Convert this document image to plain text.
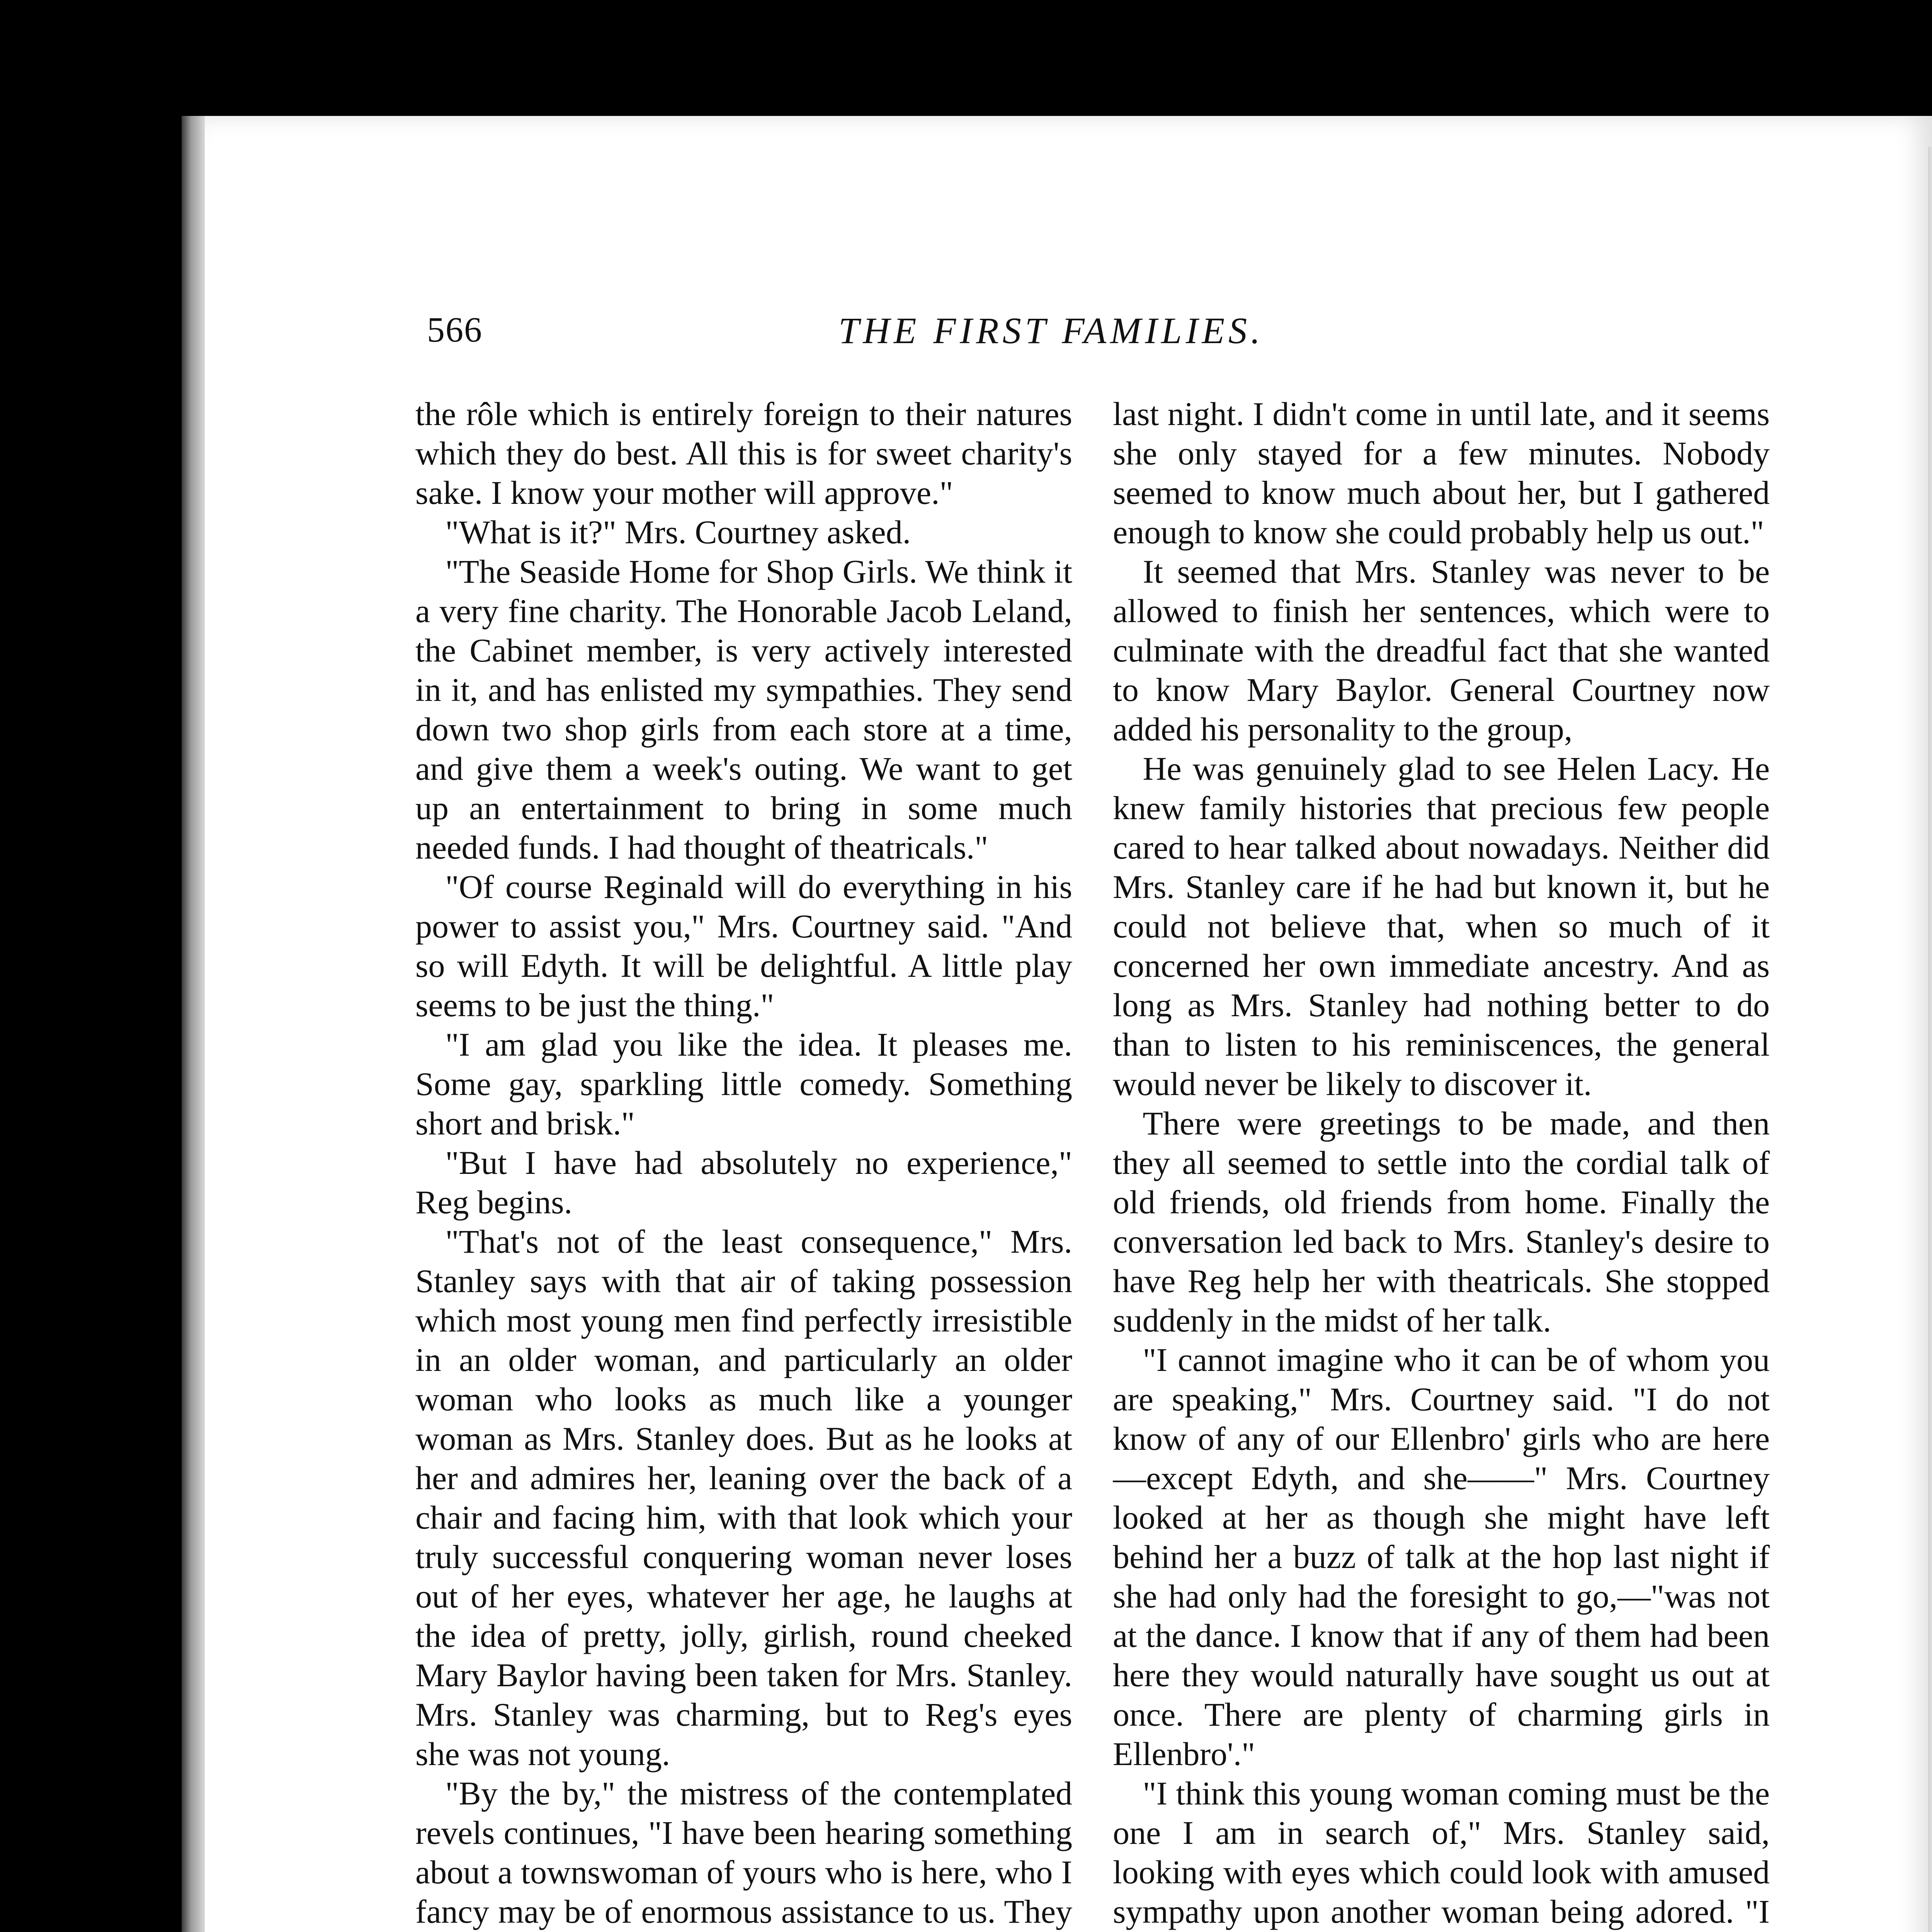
566	THE FIRST FAMILIES.

the rôle which is entirely foreign to their natures which they do best. All this is for sweet charity's sake. I know your mother will approve."

"What is it?" Mrs. Courtney asked.

"The Seaside Home for Shop Girls. We think it a very fine charity. The Honorable Jacob Leland, the Cabinet member, is very actively interested in it, and has enlisted my sympathies. They send down two shop girls from each store at a time, and give them a week's outing. We want to get up an entertainment to bring in some much needed funds. I had thought of theatricals."

"Of course Reginald will do everything in his power to assist you," Mrs. Courtney said. "And so will Edyth. It will be delightful. A little play seems to be just the thing."

"I am glad you like the idea. It pleases me. Some gay, sparkling little comedy. Something short and brisk."

"But I have had absolutely no experience," Reg begins.

"That's not of the least consequence," Mrs. Stanley says with that air of taking possession which most young men find perfectly irresistible in an older woman, and particularly an older woman who looks as much like a younger woman as Mrs. Stanley does. But as he looks at her and admires her, leaning over the back of a chair and facing him, with that look which your truly successful conquering woman never loses out of her eyes, whatever her age, he laughs at the idea of pretty, jolly, girlish, round cheeked Mary Baylor having been taken for Mrs. Stanley. Mrs. Stanley was charming, but to Reg's eyes she was not young.

"By the by," the mistress of the contemplated revels continues, "I have been hearing something about a townswoman of yours who is here, who I fancy may be of enormous assistance to us. They

last night. I didn't come in until late, and it seems she only stayed for a few minutes. Nobody seemed to know much about her, but I gathered enough to know she could probably help us out."

It seemed that Mrs. Stanley was never to be allowed to finish her sentences, which were to culminate with the dreadful fact that she wanted to know Mary Baylor. General Courtney now added his personality to the group,

He was genuinely glad to see Helen Lacy. He knew family histories that precious few people cared to hear talked about nowadays. Neither did Mrs. Stanley care if he had but known it, but he could not believe that, when so much of it concerned her own immediate ancestry. And as long as Mrs. Stanley had nothing better to do than to listen to his reminiscences, the general would never be likely to discover it.

There were greetings to be made, and then they all seemed to settle into the cordial talk of old friends, old friends from home. Finally the conversation led back to Mrs. Stanley's desire to have Reg help her with theatricals. She stopped suddenly in the midst of her talk.

"I cannot imagine who it can be of whom you are speaking," Mrs. Courtney said. "I do not know of any of our Ellenbro' girls who are here—except Edyth, and she——" Mrs. Courtney looked at her as though she might have left behind her a buzz of talk at the hop last night if she had only had the foresight to go,—"was not at the dance. I know that if any of them had been here they would naturally have sought us out at once. There are plenty of charming girls in Ellenbro'."

"I think this young woman coming must be the one I am in search of," Mrs. Stanley said, looking with eyes which could look with amused sympathy upon another woman being adored. "I
